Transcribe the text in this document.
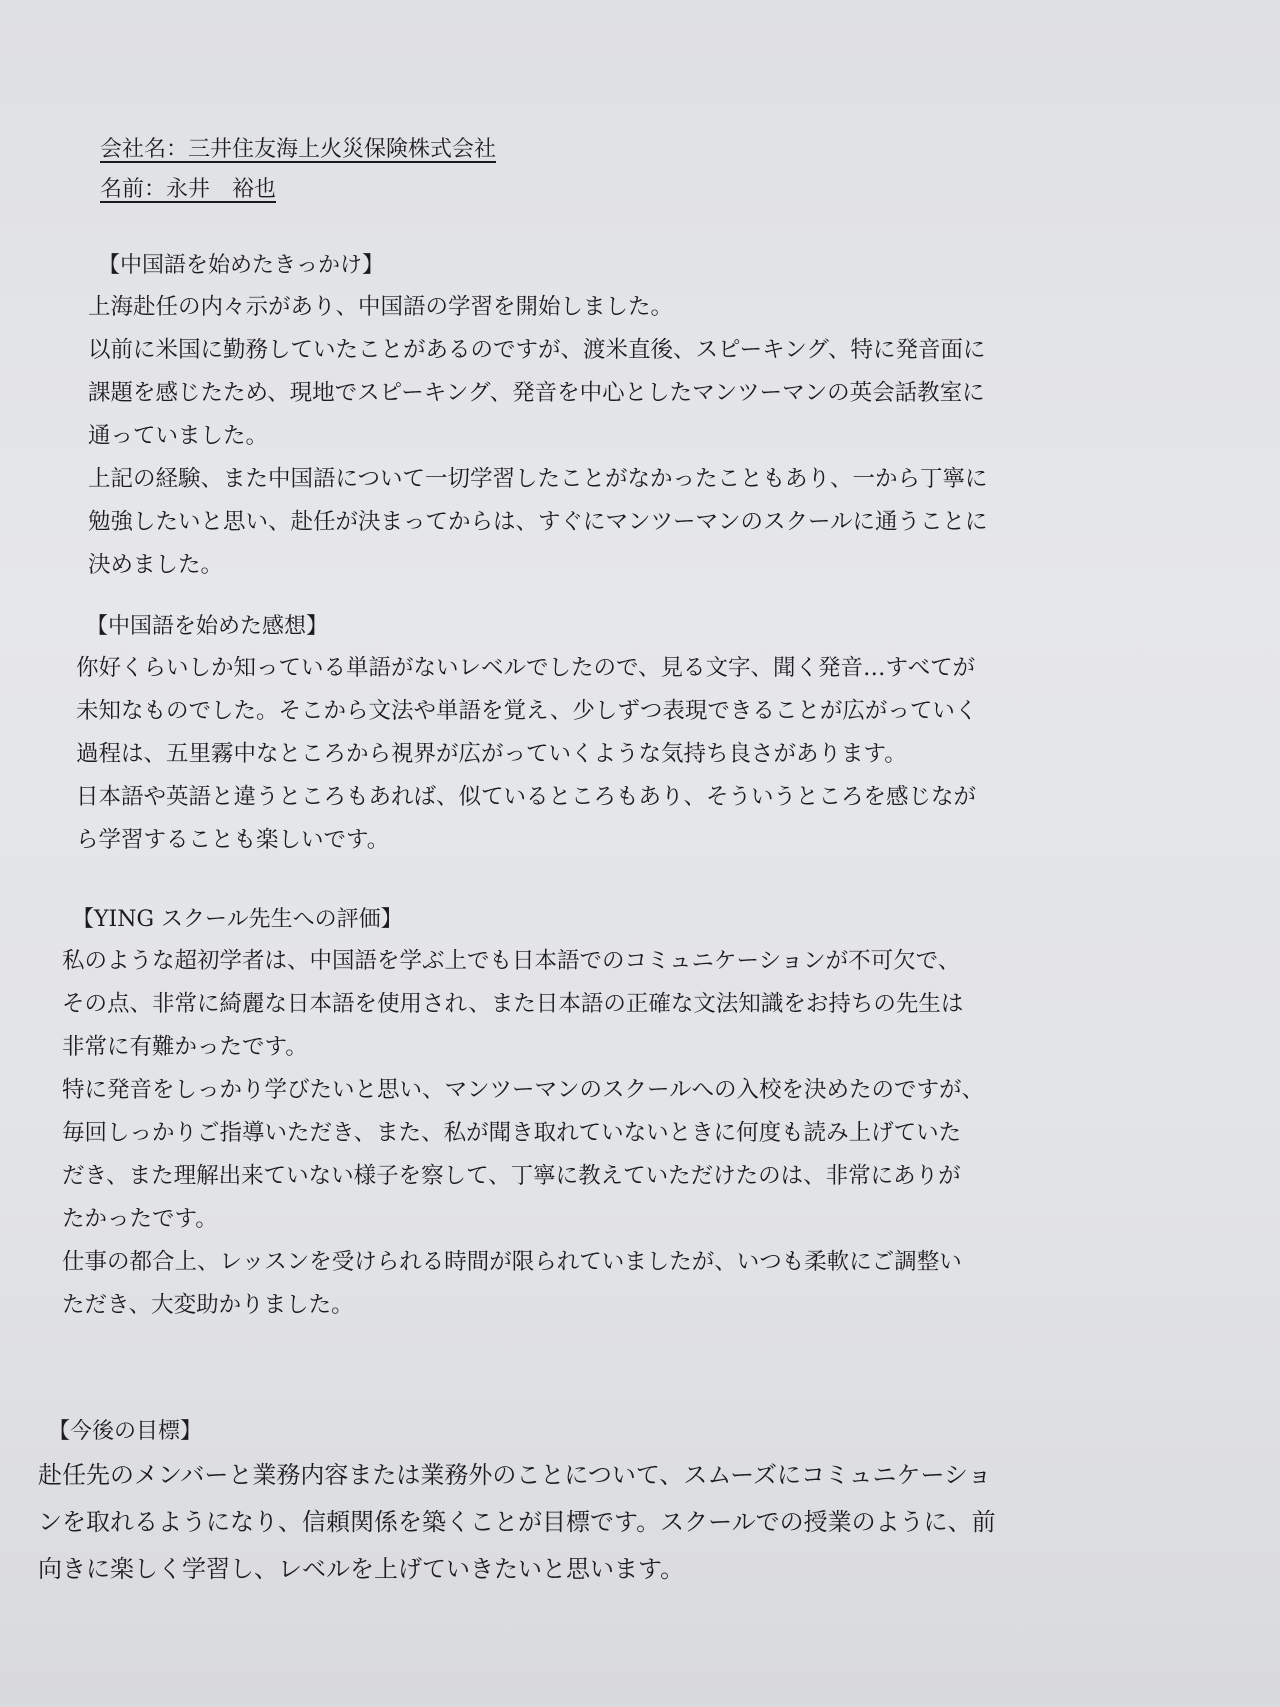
会社名：三井住友海上火災保険株式会社
名前：永井　裕也
【中国語を始めたきっかけ】

上海赴任の内々示があり、中国語の学習を開始しました。
以前に米国に勤務していたことがあるのですが、渡米直後、スピーキング、特に発音面に
課題を感じたため、現地でスピーキング、発音を中心としたマンツーマンの英会話教室に
通っていました。
上記の経験、また中国語について一切学習したことがなかったこともあり、一から丁寧に
勉強したいと思い、赴任が決まってからは、すぐにマンツーマンのスクールに通うことに
決めました。

【中国語を始めた感想】

你好くらいしか知っている単語がないレベルでしたので、見る文字、聞く発音…すべてが
未知なものでした。そこから文法や単語を覚え、少しずつ表現できることが広がっていく
過程は、五里霧中なところから視界が広がっていくような気持ち良さがあります。
日本語や英語と違うところもあれば、似ているところもあり、そういうところを感じなが
ら学習することも楽しいです。

【YING スクール先生への評価】

私のような超初学者は、中国語を学ぶ上でも日本語でのコミュニケーションが不可欠で、
その点、非常に綺麗な日本語を使用され、また日本語の正確な文法知識をお持ちの先生は
非常に有難かったです。
特に発音をしっかり学びたいと思い、マンツーマンのスクールへの入校を決めたのですが、
毎回しっかりご指導いただき、また、私が聞き取れていないときに何度も読み上げていた
だき、また理解出来ていない様子を察して、丁寧に教えていただけたのは、非常にありが
たかったです。
仕事の都合上、レッスンを受けられる時間が限られていましたが、いつも柔軟にご調整い
ただき、大変助かりました。

【今後の目標】

赴任先のメンバーと業務内容または業務外のことについて、スムーズにコミュニケーショ
ンを取れるようになり、信頼関係を築くことが目標です。スクールでの授業のように、前
向きに楽しく学習し、レベルを上げていきたいと思います。
